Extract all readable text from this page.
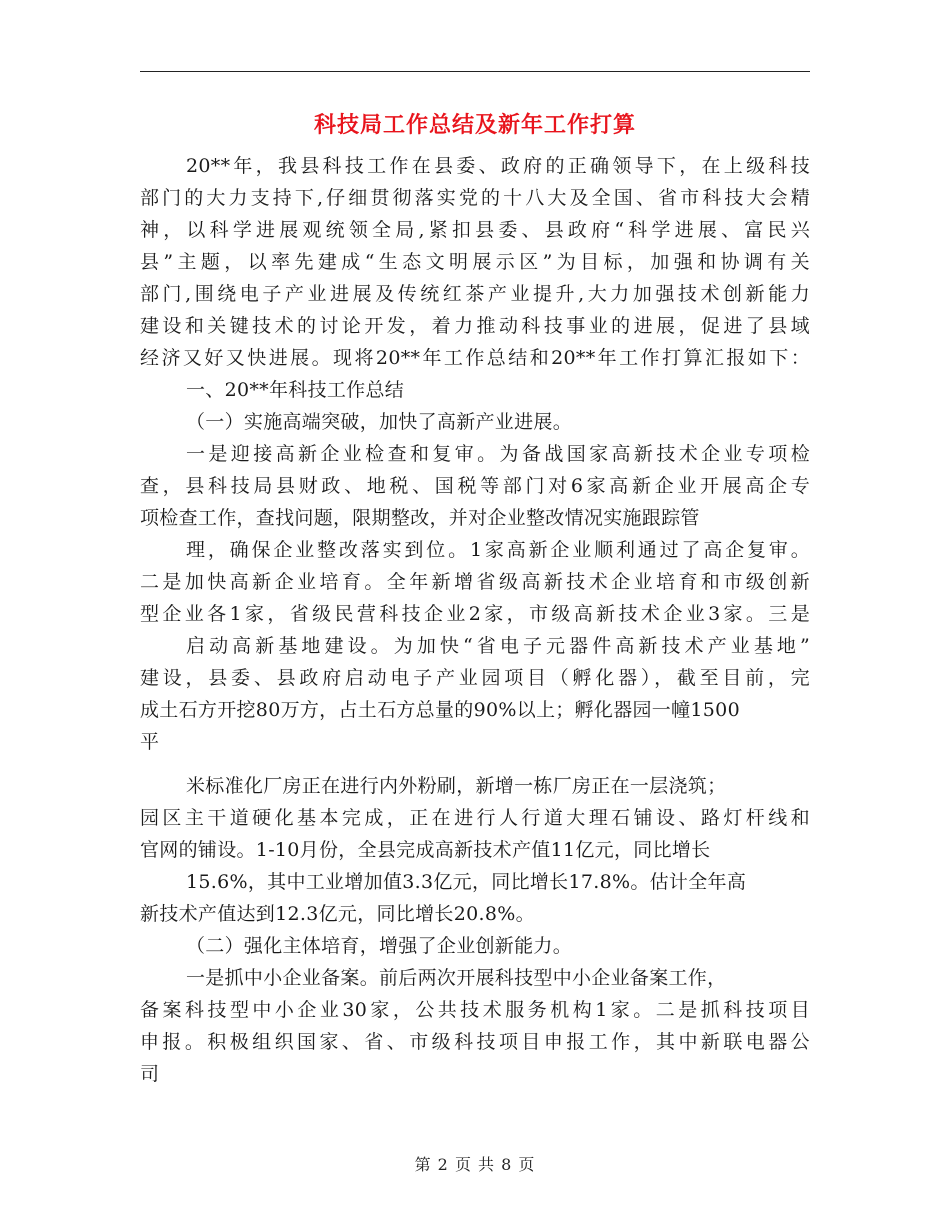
科技局工作总结及新年工作打算
20**年，我县科技工作在县委、政府的正确领导下，在上级科技
部门的大力支持下,仔细贯彻落实党的十八大及全国、省市科技大会精
神，以科学进展观统领全局,紧扣县委、县政府“科学进展、富民兴
县”主题，以率先建成“生态文明展示区”为目标，加强和协调有关
部门,围绕电子产业进展及传统红茶产业提升,大力加强技术创新能力
建设和关键技术的讨论开发，着力推动科技事业的进展，促进了县域
经济又好又快进展。现将20**年工作总结和20**年工作打算汇报如下：
一、20**年科技工作总结
（一）实施高端突破，加快了高新产业进展。
一是迎接高新企业检查和复审。为备战国家高新技术企业专项检
查，县科技局县财政、地税、国税等部门对6家高新企业开展高企专
项检查工作，查找问题，限期整改，并对企业整改情况实施跟踪管
理，确保企业整改落实到位。1家高新企业顺利通过了高企复审。
二是加快高新企业培育。全年新增省级高新技术企业培育和市级创新
型企业各1家，省级民营科技企业2家，市级高新技术企业3家。三是
启动高新基地建设。为加快“省电子元器件高新技术产业基地”
建设，县委、县政府启动电子产业园项目（孵化器），截至目前，完
成土石方开挖80万方，占土石方总量的90%以上；孵化器园一幢1500
平
米标准化厂房正在进行内外粉刷，新增一栋厂房正在一层浇筑；
园区主干道硬化基本完成，正在进行人行道大理石铺设、路灯杆线和
官网的铺设。1-10月份，全县完成高新技术产值11亿元，同比增长
15.6%，其中工业增加值3.3亿元，同比增长17.8%。估计全年高
新技术产值达到12.3亿元，同比增长20.8%。
（二）强化主体培育，增强了企业创新能力。
一是抓中小企业备案。前后两次开展科技型中小企业备案工作，
备案科技型中小企业30家，公共技术服务机构1家。二是抓科技项目
申报。积极组织国家、省、市级科技项目申报工作，其中新联电器公
司
第 2 页 共 8 页
